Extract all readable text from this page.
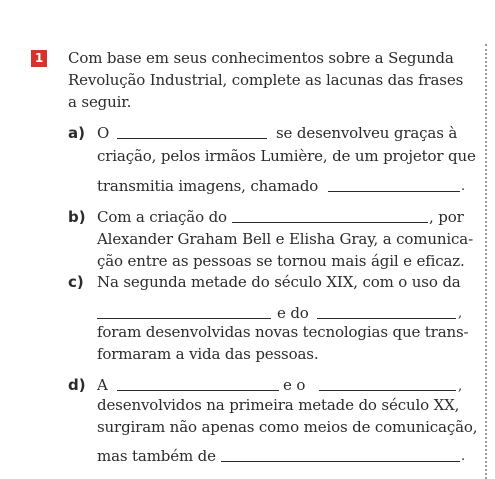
1 Com base em seus conhecimentos sobre a Segunda
Revolução Industrial, complete as lacunas das frases
a seguir.
a) O	se desenvolveu graças à
criação, pelos irmãos Lumière, de um projetor que
transmitia imagens, chamado	.
b) Com a criação do	, por
Alexander Graham Bell e Elisha Gray, a comunica-
ção entre as pessoas se tornou mais ágil e eficaz.
c) Na segunda metade do século XIX, com o uso da
e do	,
foram desenvolvidas novas tecnologias que trans-
formaram a vida das pessoas.
d) A	e o	,
desenvolvidos na primeira metade do século XX,
surgiram não apenas como meios de comunicação,
mas também de	.
